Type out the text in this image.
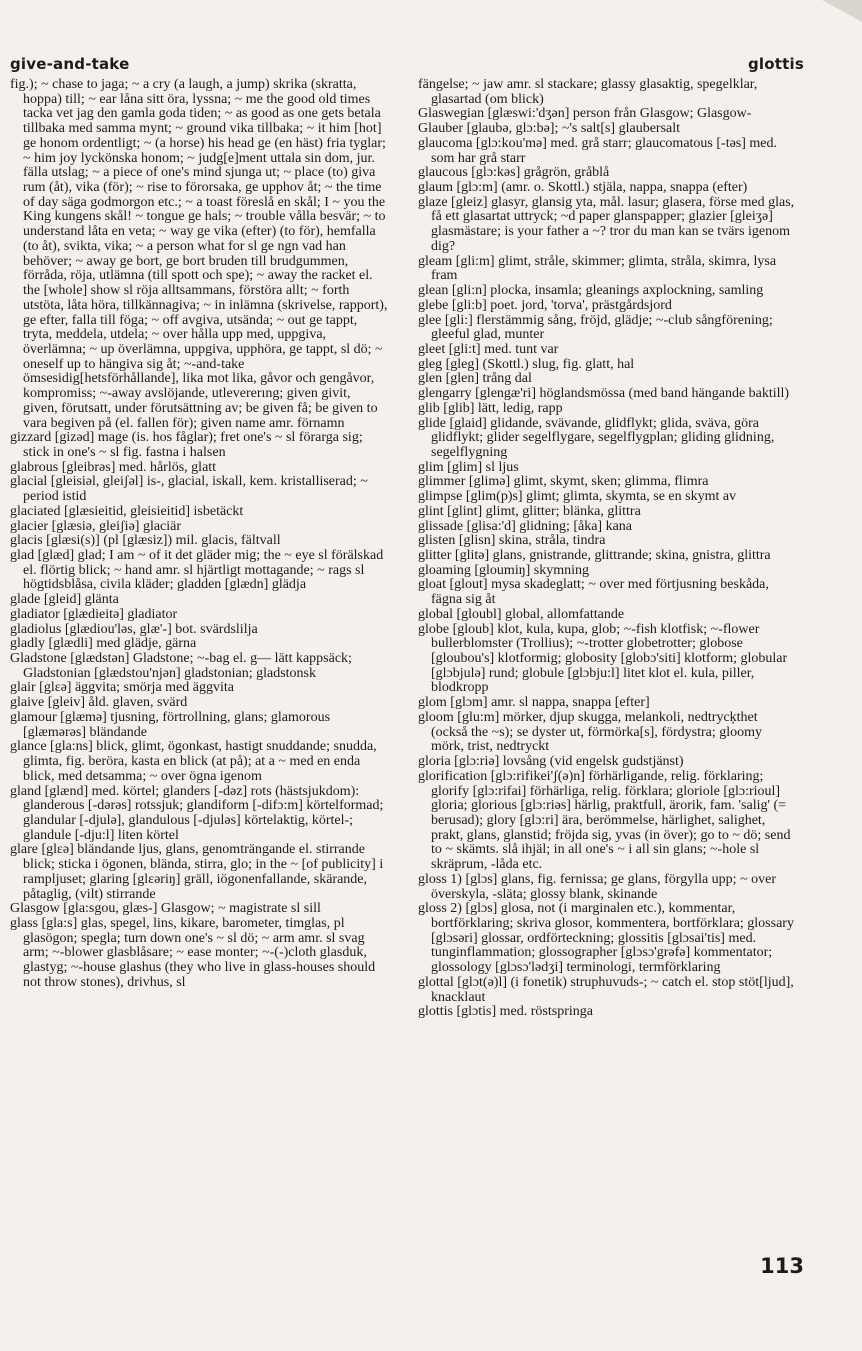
give-and-take	glottis

fig.); ~ chase to jaga; ~ a cry (a laugh, a jump) skrika (skratta, hoppa) till; ~ ear låna sitt öra, lyssna; ~ me the good old times tacka vet jag den gamla goda tiden; ~ as good as one gets betala tillbaka med samma mynt; ~ ground vika tillbaka; ~ it him [hot] ge honom ordentligt; ~ (a horse) his head ge (en häst) fria tyglar; ~ him joy lyckönska honom; ~ judg[e]ment uttala sin dom, jur. fälla utslag; ~ a piece of one's mind sjunga ut; ~ place (to) giva rum (åt), vika (för); ~ rise to förorsaka, ge upphov åt; ~ the time of day säga godmorgon etc.; ~ a toast föreslå en skål; I ~ you the King kungens skål! ~ tongue ge hals; ~ trouble vålla besvär; ~ to understand låta en veta; ~ way ge vika (efter) (to för), hemfalla (to åt), svikta, vika; ~ a person what for sl ge ngn vad han behöver; ~ away ge bort, ge bort bruden till brudgummen, förråda, röja, utlämna (till spott och spe); ~ away the racket el. the [whole] show sl röja alltsammans, förstöra allt; ~ forth utstöta, låta höra, tillkännagiva; ~ in inlämna (skrivelse, rapport), ge efter, falla till föga; ~ off avgiva, utsända; ~ out ge tappt, tryta, meddela, utdela; ~ over hålla upp med, uppgiva, överlämna; ~ up överlämna, uppgiva, upphöra, ge tappt, sl dö; ~ oneself up to hängiva sig åt; ~-and-take ömsesidig[hetsförhållande], lika mot lika, gåvor och gengåvor, kompromiss; ~-away avslöjande, utlevererıng; given givit, given, förutsatt, under förutsättning av; be given få; be given to vara begiven på (el. fallen för); given name amr. förnamn

gizzard [gizəd] mage (is. hos fåglar); fret one's ~ sl förarga sig; stick in one's ~ sl fig. fastna i halsen

glabrous [gleibrəs] med. hårlös, glatt

glacial [gleisiəl, gleiʃəl] is-, glacial, iskall, kem. kristalliserad; ~ period istid

glaciated [glæsieitid, gleisieitid] isbetäckt

glacier [glæsiə, gleiʃiə] glaciär

glacis [glæsi(s)] (pl [glæsiz]) mil. glacis, fältvall

glad [glæd] glad; I am ~ of it det gläder mig; the ~ eye sl förälskad el. flörtig blick; ~ hand amr. sl hjärtligt mottagande; ~ rags sl högtidsblåsa, civila kläder; gladden [glædn] glädja

glade [gleid] glänta

gladiator [glædieitə] gladiator

gladiolus [glædiou'ləs, glæ'-] bot. svärdslilja

gladly [glædli] med glädje, gärna

Gladstone [glædstən] Gladstone; ~-bag el. g— lätt kappsäck; Gladstonian [glædstou'njən] gladstonian; gladstonsk

glair [glɛə] äggvita; smörja med äggvita

glaive [gleiv] åld. glaven, svärd

glamour [glæmə] tjusning, förtrollning, glans; glamorous [glæmərəs] bländande

glance [gla:ns] blick, glimt, ögonkast, hastigt snuddande; snudda, glimta, fig. beröra, kasta en blick (at på); at a ~ med en enda blick, med detsamma; ~ over ögna igenom

gland [glænd] med. körtel; glanders [-dəz] rots (hästsjukdom): glanderous [-dərəs] rotssjuk; glandiform [-difɔ:m] körtelformad; glandular [-djulə], glandulous [-djuləs] körtelaktig, körtel-; glandule [-dju:l] liten körtel

glare [glɛə] bländande ljus, glans, genomträngande el. stirrande blick; sticka i ögonen, blända, stirra, glo; in the ~ [of publicity] i rampljuset; glaring [glɛəriŋ] gräll, iögonenfallande, skärande, påtaglig, (vilt) stirrande

Glasgow [gla:sgou, glæs-] Glasgow; ~ magistrate sl sill

glass [gla:s] glas, spegel, lins, kikare, barometer, timglas, pl glasögon; spegla; turn down one's ~ sl dö; ~ arm amr. sl svag arm; ~-blower glasblåsare; ~ ease monter; ~-(-)cloth glasduk, glastyg; ~-house glashus (they who live in glass-houses should not throw stones), drivhus, sl

fängelse; ~ jaw amr. sl stackare; glassy glasaktig, spegelklar, glasartad (om blick)

Glaswegian [glæswi:'dʒən] person från Glasgow; Glasgow-

Glauber [glaubə, glɔ:bə]; ~'s salt[s] glaubersalt

glaucoma [glɔ:kou'mə] med. grå starr; glaucomatous [-təs] med. som har grå starr

glaucous [glɔ:kəs] grågrön, gråblå

glaum [glɔ:m] (amr. o. Skottl.) stjäla, nappa, snappa (efter)

glaze [gleiz] glasyr, glansig yta, mål. lasur; glasera, förse med glas, få ett glasartat uttryck; ~d paper glanspapper; glazier [gleiʒə] glasmästare; is your father a ~? tror du man kan se tvärs igenom dig?

gleam [gli:m] glimt, stråle, skimmer; glimta, stråla, skimra, lysa fram

glean [gli:n] plocka, insamla; gleanings axplockning, samling

glebe [gli:b] poet. jord, 'torva', prästgårdsjord

glee [gli:] flerstämmig sång, fröjd, glädje; ~-club sångförening; gleeful glad, munter

gleet [gli:t] med. tunt var

gleg [gleg] (Skottl.) slug, fig. glatt, hal

glen [glen] trång dal

glengarry [glengæ'ri] höglandsmössa (med band hängande baktill)

glib [glib] lätt, ledig, rapp

glide [glaid] glidande, svävande, glidflykt; glida, sväva, göra glidflykt; glider segelflygare, segelflygplan; gliding glidning, segelflygning

glim [glim] sl ljus

glimmer [glimə] glimt, skymt, sken; glimma, flimra

glimpse [glim(p)s] glimt; glimta, skymta, se en skymt av

glint [glint] glimt, glitter; blänka, glittra

glissade [glisa:'d] glidning; [åka] kana

glisten [glisn] skina, stråla, tindra

glitter [glitə] glans, gnistrande, glittrande; skina, gnistra, glittra

gloaming [gloumiŋ] skymning

gloat [glout] mysa skadeglatt; ~ over med förtjusning beskåda, fägna sig åt

global [gloubl] global, allomfattande

globe [gloub] klot, kula, kupa, glob; ~-fish klotfisk; ~-flower bullerblomster (Trollius); ~-trotter globetrotter; globose [gloubou's] klotformig; globosity [globɔ'siti] klotform; globular [glɔbjulə] rund; globule [glɔbju:l] litet klot el. kula, piller, blodkropp

glom [glɔm] amr. sl nappa, snappa [efter]

gloom [glu:m] mörker, djup skugga, melankoli, nedtrycķthet (också the ~s); se dyster ut, förmörka[s], fördystra; gloomy mörk, trist, nedtryckt

gloria [glɔ:riə] lovsång (vid engelsk gudstjänst)

glorification [glɔ:rifikei'ʃ(ə)n] förhärligande, relig. förklaring; glorify [glɔ:rifai] förhärliga, relig. förklara; gloriole [glɔ:rioul] gloria; glorious [glɔ:riəs] härlig, praktfull, ärorik, fam. 'salig' (= berusad); glory [glɔ:ri] ära, berömmelse, härlighet, salighet, prakt, glans, glanstid; fröjda sig, yvas (in över); go to ~ dö; send to ~ skämts. slå ihjäl; in all one's ~ i all sin glans; ~-hole sl skräprum, -låda etc.

gloss 1) [glɔs] glans, fig. fernissa; ge glans, förgylla upp; ~ over överskyla, -släta; glossy blank, skinande

gloss 2) [glɔs] glosa, not (i marginalen etc.), kommentar, bortförklaring; skriva glosor, kommentera, bortförklara; glossary [glɔsəri] glossar, ordförteckning; glossitis [glɔsai'tis] med. tunginflammation; glossographer [glɔsɔ'grəfə] kommentator; glossology [glɔsɔ'lədʒi] terminologi, termförklaring

glottal [glɔt(ə)l] (i fonetik) struphuvuds-; ~ catch el. stop stöt[ljud], knacklaut

glottis [glɔtis] med. röstspringa

113
